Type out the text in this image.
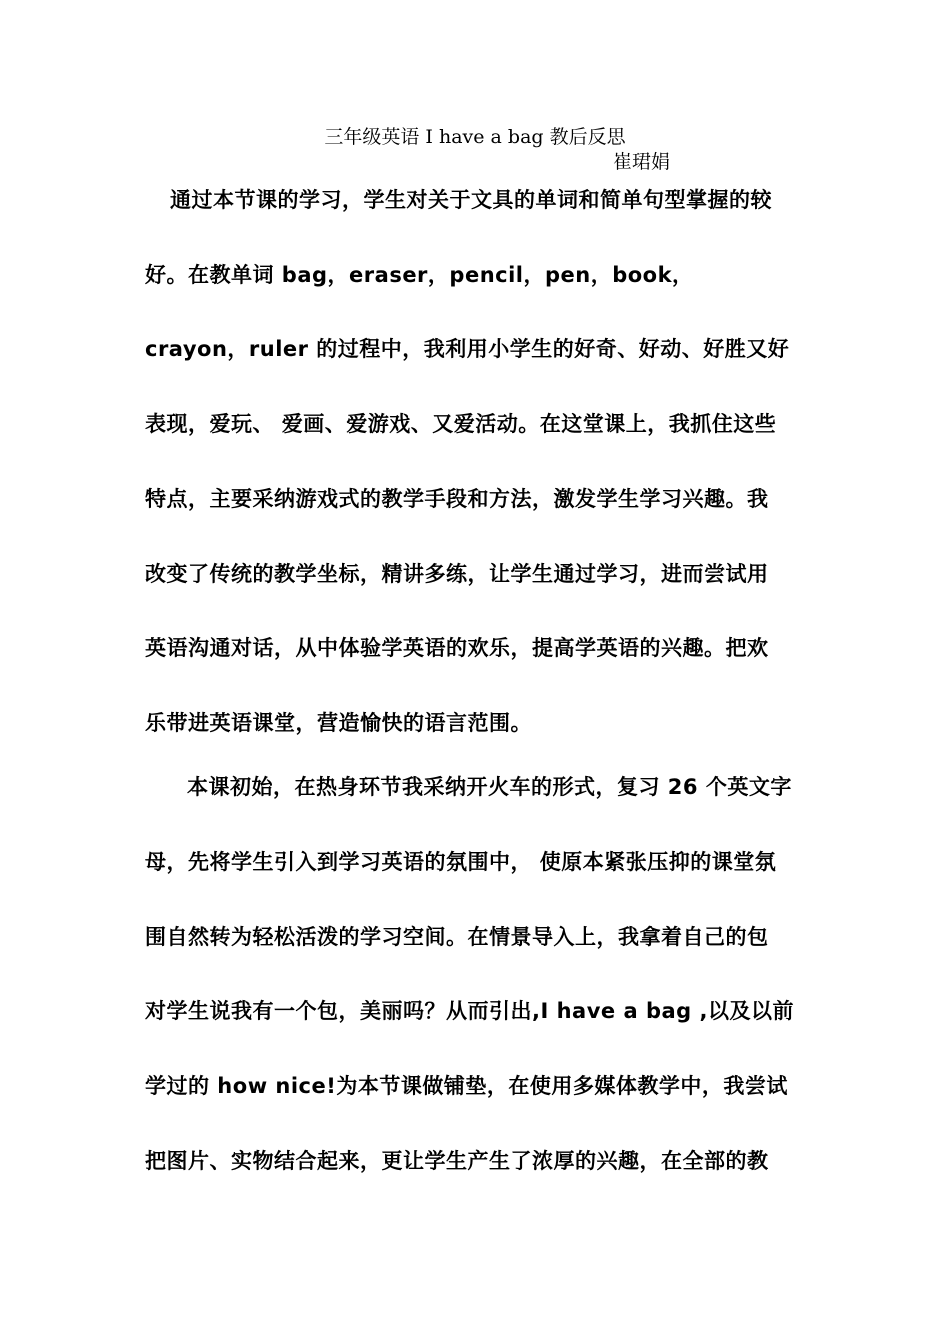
三年级英语 I have a bag 教后反思
崔珺娟
通过本节课的学习，学生对关于文具的单词和简单句型掌握的较
好。在教单词 bag，eraser，pencil，pen，book，
crayon，ruler 的过程中，我利用小学生的好奇、好动、好胜又好
表现，爱玩、 爱画、爱游戏、又爱活动。在这堂课上，我抓住这些
特点，主要采纳游戏式的教学手段和方法，激发学生学习兴趣。我
改变了传统的教学坐标，精讲多练，让学生通过学习，进而尝试用
英语沟通对话，从中体验学英语的欢乐，提高学英语的兴趣。把欢
乐带进英语课堂，营造愉快的语言范围。
本课初始，在热身环节我采纳开火车的形式，复习 26 个英文字
母，先将学生引入到学习英语的氛围中， 使原本紧张压抑的课堂氛
围自然转为轻松活泼的学习空间。在情景导入上，我拿着自己的包
对学生说我有一个包，美丽吗？从而引出,I have a bag ,以及以前
学过的 how nice!为本节课做铺垫，在使用多媒体教学中，我尝试
把图片、实物结合起来，更让学生产生了浓厚的兴趣，在全部的教
